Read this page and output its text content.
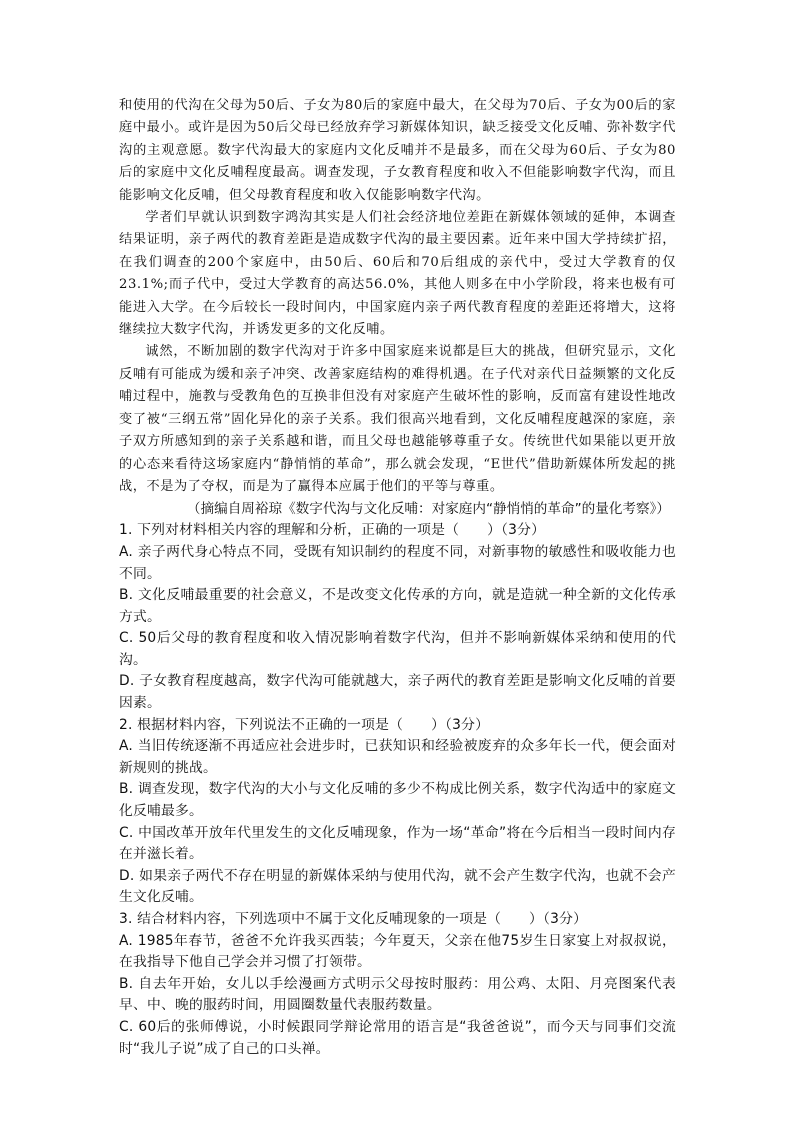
和使用的代沟在父母为50后、子女为80后的家庭中最大，在父母为70后、子女为00后的家庭中最小。或许是因为50后父母已经放弃学习新媒体知识，缺乏接受文化反哺、弥补数字代沟的主观意愿。数字代沟最大的家庭内文化反哺并不是最多，而在父母为60后、子女为80后的家庭中文化反哺程度最高。调查发现，子女教育程度和收入不但能影响数字代沟，而且能影响文化反哺，但父母教育程度和收入仅能影响数字代沟。

学者们早就认识到数字鸿沟其实是人们社会经济地位差距在新媒体领域的延伸，本调查结果证明，亲子两代的教育差距是造成数字代沟的最主要因素。近年来中国大学持续扩招，在我们调查的200个家庭中，由50后、60后和70后组成的亲代中，受过大学教育的仅23.1%;而子代中，受过大学教育的高达56.0%，其他人则多在中小学阶段，将来也极有可能进入大学。在今后较长一段时间内，中国家庭内亲子两代教育程度的差距还将增大，这将继续拉大数字代沟，并诱发更多的文化反哺。

诚然，不断加剧的数字代沟对于许多中国家庭来说都是巨大的挑战，但研究显示，文化反哺有可能成为缓和亲子冲突、改善家庭结构的难得机遇。在子代对亲代日益频繁的文化反哺过程中，施教与受教角色的互换非但没有对家庭产生破坏性的影响，反而富有建设性地改变了被“三纲五常”固化异化的亲子关系。我们很高兴地看到，文化反哺程度越深的家庭，亲子双方所感知到的亲子关系越和谐，而且父母也越能够尊重子女。传统世代如果能以更开放的心态来看待这场家庭内“静悄悄的革命”，那么就会发现，“E世代”借助新媒体所发起的挑战，不是为了夺权，而是为了赢得本应属于他们的平等与尊重。

（摘编自周裕琼《数字代沟与文化反哺：对家庭内“静悄悄的革命”的量化考察》）

1. 下列对材料相关内容的理解和分析，正确的一项是（　　）（3分）

A. 亲子两代身心特点不同，受既有知识制约的程度不同，对新事物的敏感性和吸收能力也不同。

B. 文化反哺最重要的社会意义，不是改变文化传承的方向，就是造就一种全新的文化传承方式。

C. 50后父母的教育程度和收入情况影响着数字代沟，但并不影响新媒体采纳和使用的代沟。

D. 子女教育程度越高，数字代沟可能就越大，亲子两代的教育差距是影响文化反哺的首要因素。

2. 根据材料内容，下列说法不正确的一项是（　　）（3分）

A. 当旧传统逐渐不再适应社会进步时，已获知识和经验被废弃的众多年长一代，便会面对新规则的挑战。

B. 调查发现，数字代沟的大小与文化反哺的多少不构成比例关系，数字代沟适中的家庭文化反哺最多。

C. 中国改革开放年代里发生的文化反哺现象，作为一场“革命”将在今后相当一段时间内存在并滋长着。

D. 如果亲子两代不存在明显的新媒体采纳与使用代沟，就不会产生数字代沟，也就不会产生文化反哺。

3. 结合材料内容，下列选项中不属于文化反哺现象的一项是（　　）（3分）

A. 1985年春节，爸爸不允许我买西装；今年夏天，父亲在他75岁生日家宴上对叔叔说，在我指导下他自己学会并习惯了打领带。

B. 自去年开始，女儿以手绘漫画方式明示父母按时服药：用公鸡、太阳、月亮图案代表早、中、晚的服药时间，用圆圈数量代表服药数量。

C. 60后的张师傅说，小时候跟同学辩论常用的语言是“我爸爸说”，而今天与同事们交流时“我儿子说”成了自己的口头禅。
